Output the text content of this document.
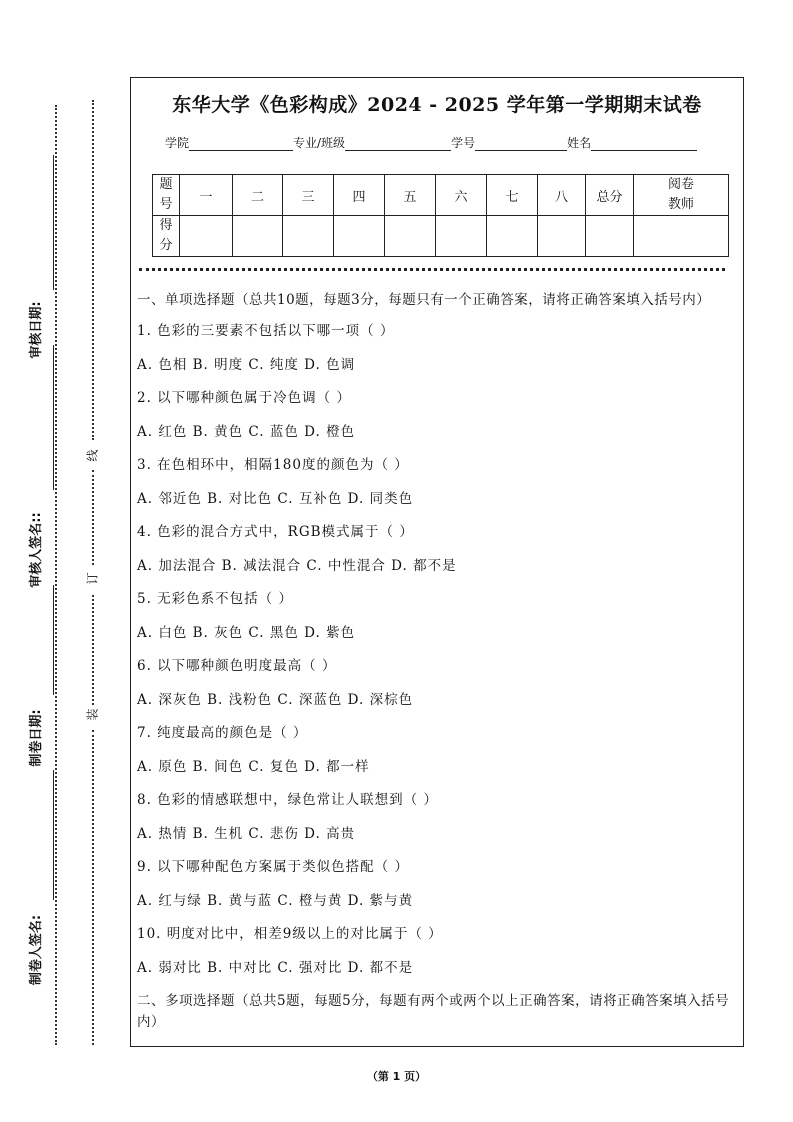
审核日期:
审核人签名::
制卷日期:
制卷人签名:
线
订
装
东华大学《色彩构成》2024 - 2025 学年第一学期期末试卷
学院	专业/班级	学号	姓名
题
号	一	二	三	四	五	六	七	八	总分	阅卷
教师
得
分										
一、单项选择题（总共10题，每题3分，每题只有一个正确答案，请将正确答案填入括号内）
1. 色彩的三要素不包括以下哪一项（ ）
A. 色相 B. 明度 C. 纯度 D. 色调
2. 以下哪种颜色属于冷色调（ ）
A. 红色 B. 黄色 C. 蓝色 D. 橙色
3. 在色相环中，相隔180度的颜色为（ ）
A. 邻近色 B. 对比色 C. 互补色 D. 同类色
4. 色彩的混合方式中，RGB模式属于（ ）
A. 加法混合 B. 减法混合 C. 中性混合 D. 都不是
5. 无彩色系不包括（ ）
A. 白色 B. 灰色 C. 黑色 D. 紫色
6. 以下哪种颜色明度最高（ ）
A. 深灰色 B. 浅粉色 C. 深蓝色 D. 深棕色
7. 纯度最高的颜色是（ ）
A. 原色 B. 间色 C. 复色 D. 都一样
8. 色彩的情感联想中，绿色常让人联想到（ ）
A. 热情 B. 生机 C. 悲伤 D. 高贵
9. 以下哪种配色方案属于类似色搭配（ ）
A. 红与绿 B. 黄与蓝 C. 橙与黄 D. 紫与黄
10. 明度对比中，相差9级以上的对比属于（ ）
A. 弱对比 B. 中对比 C. 强对比 D. 都不是
二、多项选择题（总共5题，每题5分，每题有两个或两个以上正确答案，请将正确答案填入括号内）
（第 1 页）
